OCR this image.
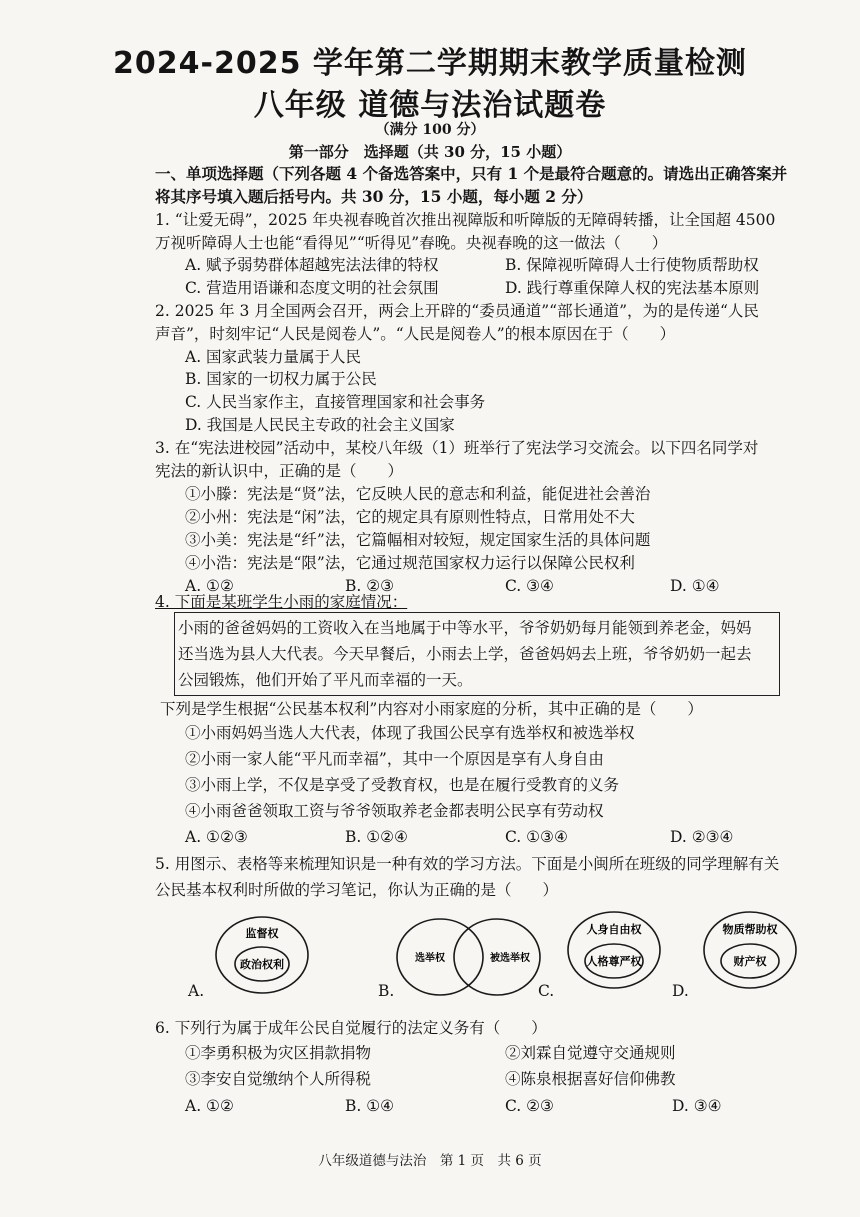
2024-2025 学年第二学期期末教学质量检测
八年级 道德与法治试题卷
（满分 100 分）
第一部分　选择题（共 30 分，15 小题）
一、单项选择题（下列各题 4 个备选答案中，只有 1 个是最符合题意的。请选出正确答案并
将其序号填入题后括号内。共 30 分，15 小题，每小题 2 分）
1. “让爱无碍”，2025 年央视春晚首次推出视障版和听障版的无障碍转播，让全国超 4500
万视听障碍人士也能“看得见”“听得见”春晚。央视春晚的这一做法（　　）
A. 赋予弱势群体超越宪法法律的特权	B. 保障视听障碍人士行使物质帮助权
C. 营造用语谦和态度文明的社会氛围	D. 践行尊重保障人权的宪法基本原则
2. 2025 年 3 月全国两会召开，两会上开辟的“委员通道”“部长通道”，为的是传递“人民
声音”，时刻牢记“人民是阅卷人”。“人民是阅卷人”的根本原因在于（　　）
A. 国家武装力量属于人民
B. 国家的一切权力属于公民
C. 人民当家作主，直接管理国家和社会事务
D. 我国是人民民主专政的社会主义国家
3. 在“宪法进校园”活动中，某校八年级（1）班举行了宪法学习交流会。以下四名同学对
宪法的新认识中，正确的是（　　）
①小滕：宪法是“贤”法，它反映人民的意志和利益，能促进社会善治
②小州：宪法是“闲”法，它的规定具有原则性特点，日常用处不大
③小美：宪法是“纤”法，它篇幅相对较短，规定国家生活的具体问题
④小浩：宪法是“限”法，它通过规范国家权力运行以保障公民权利
A. ①②	B. ②③	C. ③④	D. ①④
4. 下面是某班学生小雨的家庭情况：
小雨的爸爸妈妈的工资收入在当地属于中等水平，爷爷奶奶每月能领到养老金，妈妈
还当选为县人大代表。今天早餐后，小雨去上学，爸爸妈妈去上班，爷爷奶奶一起去
公园锻炼，他们开始了平凡而幸福的一天。
下列是学生根据“公民基本权利”内容对小雨家庭的分析，其中正确的是（　　）
①小雨妈妈当选人大代表，体现了我国公民享有选举权和被选举权
②小雨一家人能“平凡而幸福”，其中一个原因是享有人身自由
③小雨上学，不仅是享受了受教育权，也是在履行受教育的义务
④小雨爸爸领取工资与爷爷领取养老金都表明公民享有劳动权
A. ①②③	B. ①②④	C. ①③④	D. ②③④
5. 用图示、表格等来梳理知识是一种有效的学习方法。下面是小闽所在班级的同学理解有关
公民基本权利时所做的学习笔记，你认为正确的是（　　）
监督权
政治权利	选举权	被选举权
人身自由权
人格尊严权
物质帮助权
财产权
A.	B.	C.	D.
6. 下列行为属于成年公民自觉履行的法定义务有（　　）
①李勇积极为灾区捐款捐物	②刘霖自觉遵守交通规则
③李安自觉缴纳个人所得税	④陈泉根据喜好信仰佛教
A. ①②	B. ①④	C. ②③	D. ③④
八年级道德与法治　第 1 页　共 6 页
